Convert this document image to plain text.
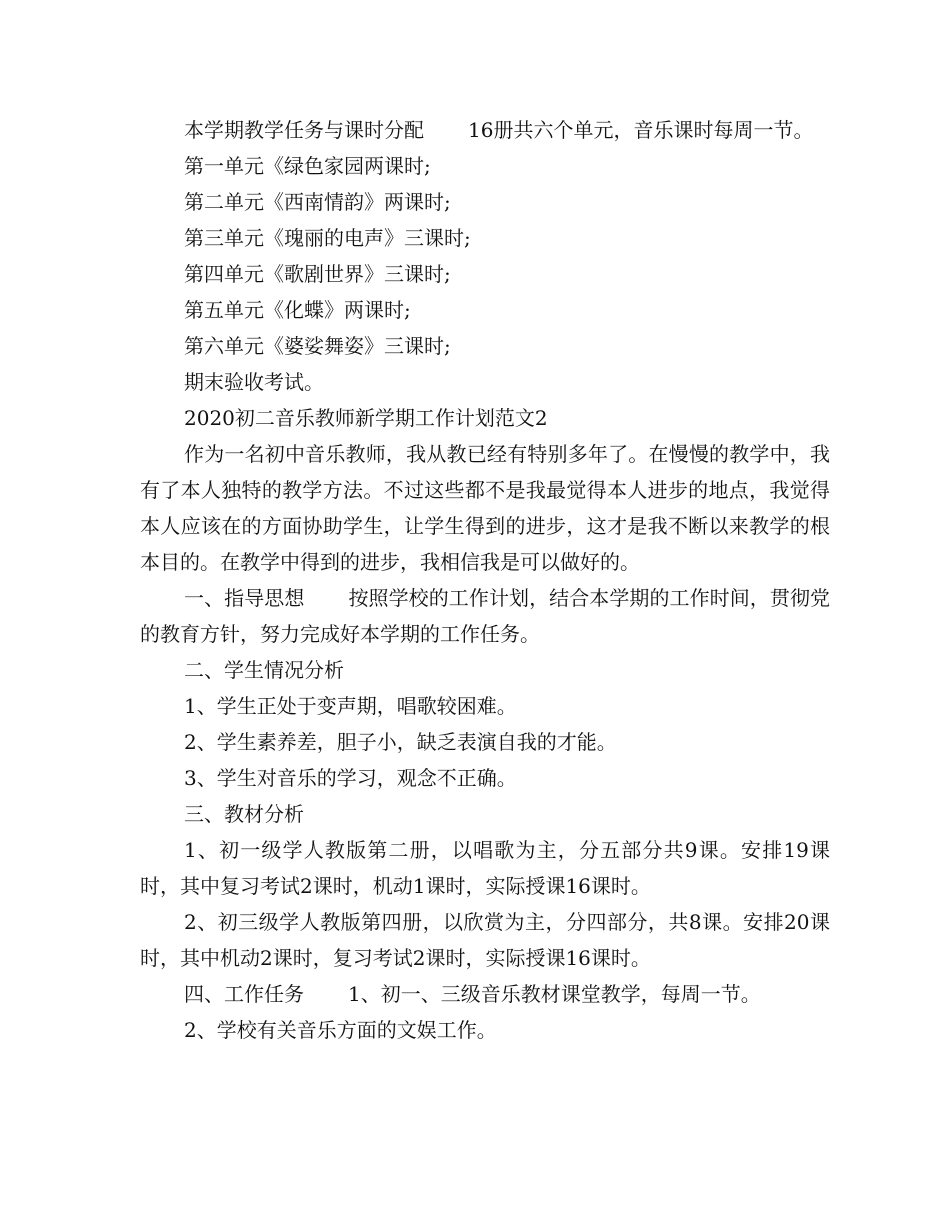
本学期教学任务与课时分配 16册共六个单元，音乐课时每周一节。

第一单元《绿色家园两课时;

第二单元《西南情韵》两课时;

第三单元《瑰丽的电声》三课时;

第四单元《歌剧世界》三课时;

第五单元《化蝶》两课时;

第六单元《婆娑舞姿》三课时;

期末验收考试。

2020初二音乐教师新学期工作计划范文2

作为一名初中音乐教师，我从教已经有特别多年了。在慢慢的教学中，我有了本人独特的教学方法。不过这些都不是我最觉得本人进步的地点，我觉得本人应该在的方面协助学生，让学生得到的进步，这才是我不断以来教学的根本目的。在教学中得到的进步，我相信我是可以做好的。

一、指导思想 按照学校的工作计划，结合本学期的工作时间，贯彻党的教育方针，努力完成好本学期的工作任务。

二、学生情况分析

1、学生正处于变声期，唱歌较困难。

2、学生素养差，胆子小，缺乏表演自我的才能。

3、学生对音乐的学习，观念不正确。

三、教材分析

1、初一级学人教版第二册，以唱歌为主，分五部分共9课。安排19课时，其中复习考试2课时，机动1课时，实际授课16课时。

2、初三级学人教版第四册，以欣赏为主，分四部分，共8课。安排20课时，其中机动2课时，复习考试2课时，实际授课16课时。

四、工作任务 1、初一、三级音乐教材课堂教学，每周一节。

2、学校有关音乐方面的文娱工作。
